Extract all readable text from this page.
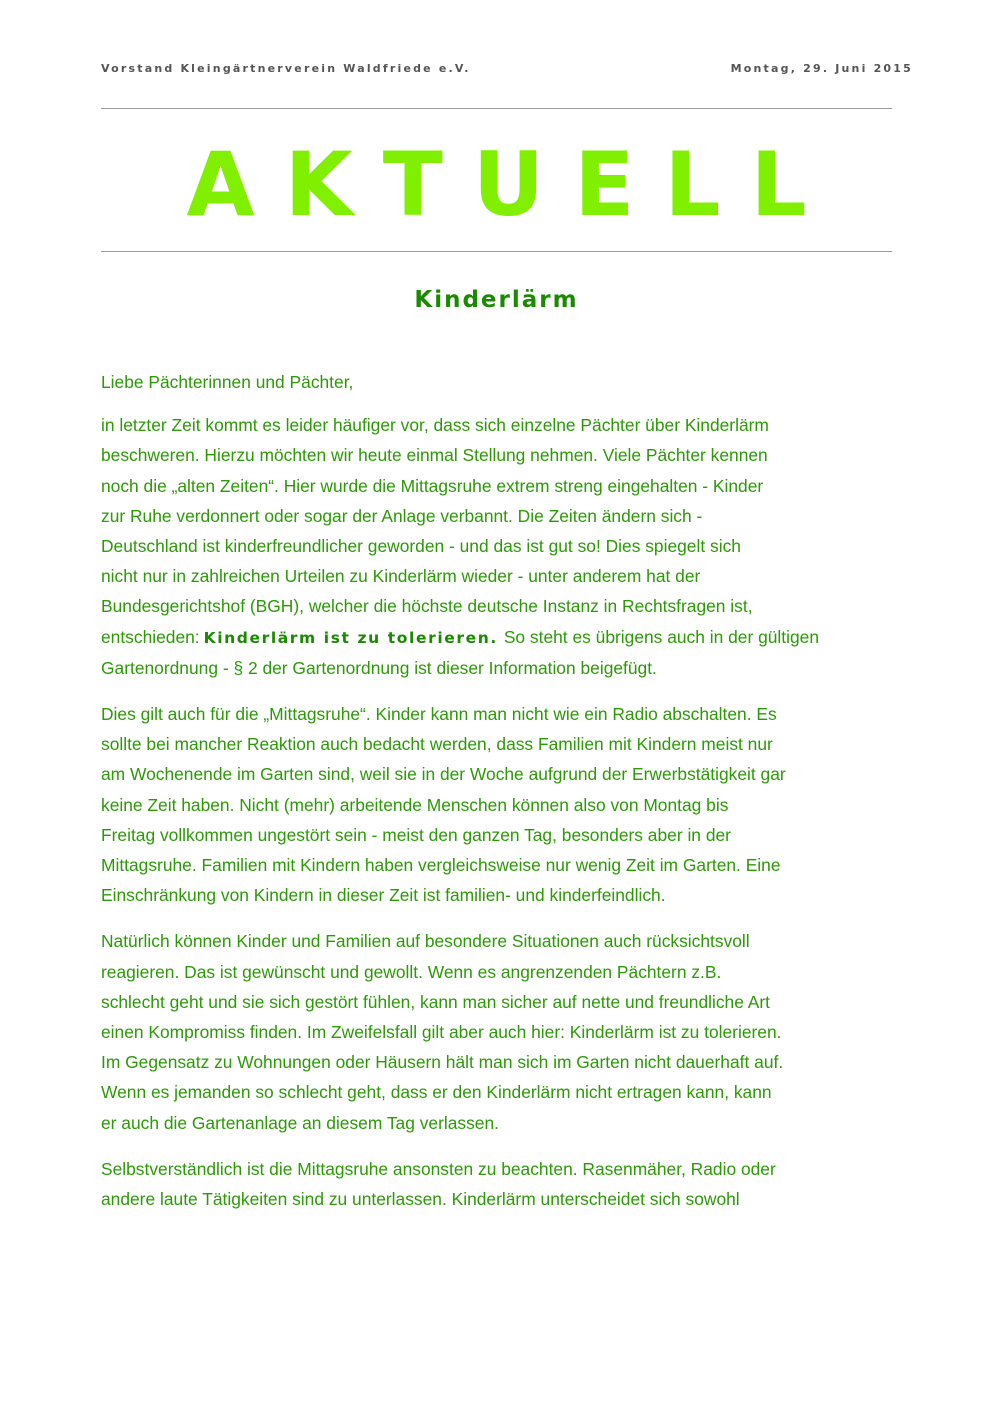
Vorstand Kleingärtnerverein Waldfriede e.V.	Montag, 29. Juni 2015
AKTUELL
Kinderlärm

Liebe Pächterinnen und Pächter,

in letzter Zeit kommt es leider häufiger vor, dass sich einzelne Pächter über Kinderlärm
beschweren. Hierzu möchten wir heute einmal Stellung nehmen. Viele Pächter kennen
noch die „alten Zeiten“. Hier wurde die Mittagsruhe extrem streng eingehalten - Kinder
zur Ruhe verdonnert oder sogar der Anlage verbannt. Die Zeiten ändern sich -
Deutschland ist kinderfreundlicher geworden - und das ist gut so! Dies spiegelt sich
nicht nur in zahlreichen Urteilen zu Kinderlärm wieder - unter anderem hat der
Bundesgerichtshof (BGH), welcher die höchste deutsche Instanz in Rechtsfragen ist,
entschieden: Kinderlärm ist zu tolerieren. So steht es übrigens auch in der gültigen
Gartenordnung - § 2 der Gartenordnung ist dieser Information beigefügt.

Dies gilt auch für die „Mittagsruhe“. Kinder kann man nicht wie ein Radio abschalten. Es
sollte bei mancher Reaktion auch bedacht werden, dass Familien mit Kindern meist nur
am Wochenende im Garten sind, weil sie in der Woche aufgrund der Erwerbstätigkeit gar
keine Zeit haben. Nicht (mehr) arbeitende Menschen können also von Montag bis
Freitag vollkommen ungestört sein - meist den ganzen Tag, besonders aber in der
Mittagsruhe. Familien mit Kindern haben vergleichsweise nur wenig Zeit im Garten. Eine
Einschränkung von Kindern in dieser Zeit ist familien- und kinderfeindlich.

Natürlich können Kinder und Familien auf besondere Situationen auch rücksichtsvoll
reagieren. Das ist gewünscht und gewollt. Wenn es angrenzenden Pächtern z.B.
schlecht geht und sie sich gestört fühlen, kann man sicher auf nette und freundliche Art
einen Kompromiss finden. Im Zweifelsfall gilt aber auch hier: Kinderlärm ist zu tolerieren.
Im Gegensatz zu Wohnungen oder Häusern hält man sich im Garten nicht dauerhaft auf.
Wenn es jemanden so schlecht geht, dass er den Kinderlärm nicht ertragen kann, kann
er auch die Gartenanlage an diesem Tag verlassen.

Selbstverständlich ist die Mittagsruhe ansonsten zu beachten. Rasenmäher, Radio oder
andere laute Tätigkeiten sind zu unterlassen. Kinderlärm unterscheidet sich sowohl
